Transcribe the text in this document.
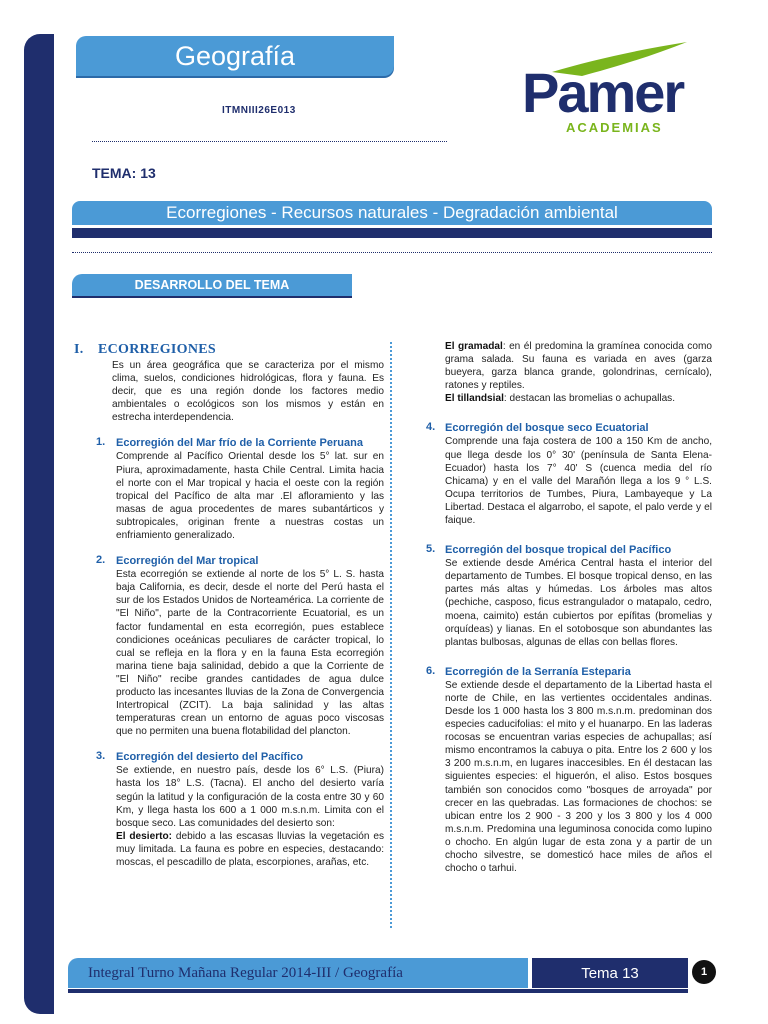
Geografía
ITMNIII26E013	Pamer
ACADEMIAS
TEMA: 13
Ecorregiones - Recursos naturales - Degradación ambiental
DESARROLLO DEL TEMA
I. ECORREGIONES

Es un área geográfica que se caracteriza por el mismo clima, suelos, condiciones hidrológicas, flora y fauna. Es decir, que es una región donde los factores medio ambientales o ecológicos son los mismos y están en estrecha interdependencia.

1. Ecorregión del Mar frío de la Corriente Peruana

Comprende al Pacífico Oriental desde los 5° lat. sur en Piura, aproximadamente, hasta Chile Central. Limita hacia el norte con el Mar tropical y hacia el oeste con la región tropical del Pacífico de alta mar .El afloramiento y las masas de agua procedentes de mares subantárticos y subtropicales, originan frente a nuestras costas un enfriamiento generalizado.

2. Ecorregión del Mar tropical

Esta ecorregión se extiende al norte de los 5° L. S. hasta baja California, es decir, desde el norte del Perú hasta el sur de los Estados Unidos de Norteamérica. La corriente de "El Niño", parte de la Contracorriente Ecuatorial, es un factor fundamental en esta ecorregión, pues establece condiciones oceánicas peculiares de carácter tropical, lo cual se refleja en la flora y en la fauna Esta ecorregión marina tiene baja salinidad, debido a que la Corriente de "El Niño" recibe grandes cantidades de agua dulce producto las incesantes lluvias de la Zona de Convergencia Intertropical (ZCIT). La baja salinidad y las altas temperaturas crean un entorno de aguas poco viscosas que no permiten una buena flotabilidad del plancton.

3. Ecorregión del desierto del Pacífico

Se extiende, en nuestro país, desde los 6° L.S. (Piura) hasta los 18° L.S. (Tacna). El ancho del desierto varía según la latitud y la configuración de la costa entre 30 y 60 Km, y llega hasta los 600 a 1 000 m.s.n.m. Limita con el bosque seco. Las comunidades del desierto son:

El desierto: debido a las escasas lluvias la vegetación es muy limitada. La fauna es pobre en especies, destacando: moscas, el pescadillo de plata, escorpiones, arañas, etc.

El gramadal: en él predomina la gramínea conocida como grama salada. Su fauna es variada en aves (garza bueyera, garza blanca grande, golondrinas, cernícalo), ratones y reptiles.

El tillandsial: destacan las bromelias o achupallas.

4. Ecorregión del bosque seco Ecuatorial

Comprende una faja costera de 100 a 150 Km de ancho, que llega desde los 0° 30' (península de Santa Elena-Ecuador) hasta los 7° 40' S (cuenca media del río Chicama) y en el valle del Marañón llega a los 9 ° L.S. Ocupa territorios de Tumbes, Piura, Lambayeque y La Libertad. Destaca el algarrobo, el sapote, el palo verde y el faique.

5. Ecorregión del bosque tropical del Pacífico

Se extiende desde América Central hasta el interior del departamento de Tumbes. El bosque tropical denso, en las partes más altas y húmedas. Los árboles mas altos (pechiche, casposo, ficus estrangulador o matapalo, cedro, moena, caimito) están cubiertos por epífitas (bromelias y orquídeas) y lianas. En el sotobosque son abundantes las plantas bulbosas, algunas de ellas con bellas flores.

6. Ecorregión de la Serranía Esteparia

Se extiende desde el departamento de la Libertad hasta el norte de Chile, en las vertientes occidentales andinas. Desde los 1 000 hasta los 3 800 m.s.n.m. predominan dos especies caducifolias: el mito y el huanarpo. En las laderas rocosas se encuentran varias especies de achupallas; así mismo encontramos la cabuya o pita. Entre los 2 600 y los 3 200 m.s.n.m, en lugares inaccesibles. En él destacan las siguientes especies: el higuerón, el aliso. Estos bosques también son conocidos como "bosques de arroyada" por crecer en las quebradas. Las formaciones de chochos: se ubican entre los 2 900 - 3 200 y los 3 800 y los 4 000 m.s.n.m. Predomina una leguminosa conocida como lupino o chocho. En algún lugar de esta zona y a partir de un chocho silvestre, se domesticó hace miles de años el chocho o tarhui.

Integral Turno Mañana Regular 2014-III / Geografía	Tema 13	1
